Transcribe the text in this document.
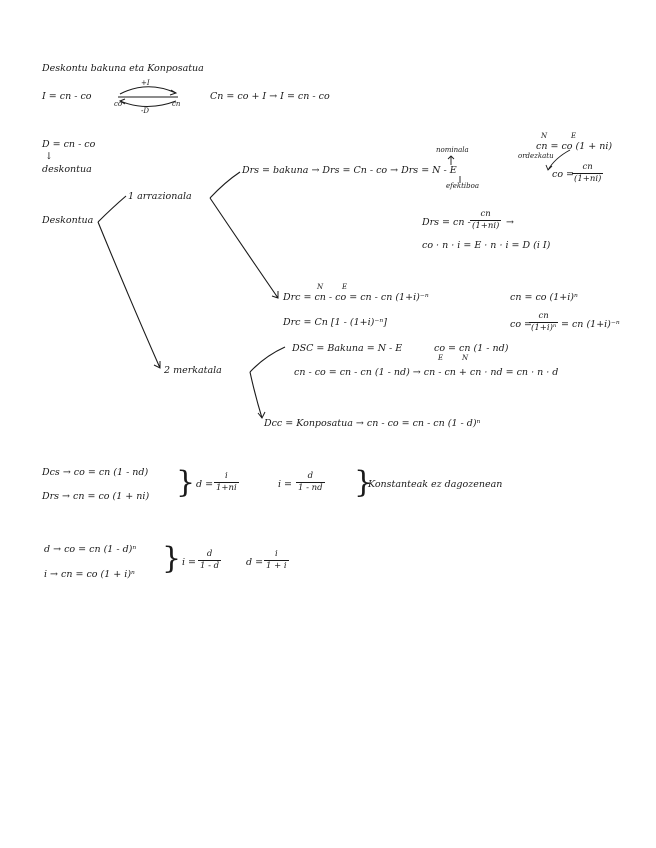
Deskontu bakuna eta Konposatua
I = cn - co
+I
co	cn
-D
Cn = co + I → I = cn - co
D = cn - co
↓
deskontua
Deskontua
1 arrazionala
2 merkatala
Drs = bakuna → Drs = Cn - co → Drs = N - E
nominala
efektiboa
N	E
cn = co (1 + ni)
ordezkatu
co =
cn
(1+ni)
Drs = cn -
cn
(1+ni) →
co · n · i = E · n · i = D (i I)
N	E
Drc = cn - co = cn - cn (1+i)⁻ⁿ	cn = co (1+i)ⁿ
Drc = Cn [1 - (1+i)⁻ⁿ]	co =
cn
(1+i)ⁿ = cn (1+i)⁻ⁿ
DSC = Bakuna = N - E	co = cn (1 - nd)
E	N
cn - co = cn - cn (1 - nd) → cn - cn + cn · nd = cn · n · d
Dcc = Konposatua → cn - co = cn - cn (1 - d)ⁿ
Dcs → co = cn (1 - nd)
Drs → cn = co (1 + ni) } d =
i
1+ni	i =
d
1 - nd }
Konstanteak ez dagozenean
d → co = cn (1 - d)ⁿ
i → cn = co (1 + i)ⁿ } i =
d
1 - d	d =
i
1 + i
